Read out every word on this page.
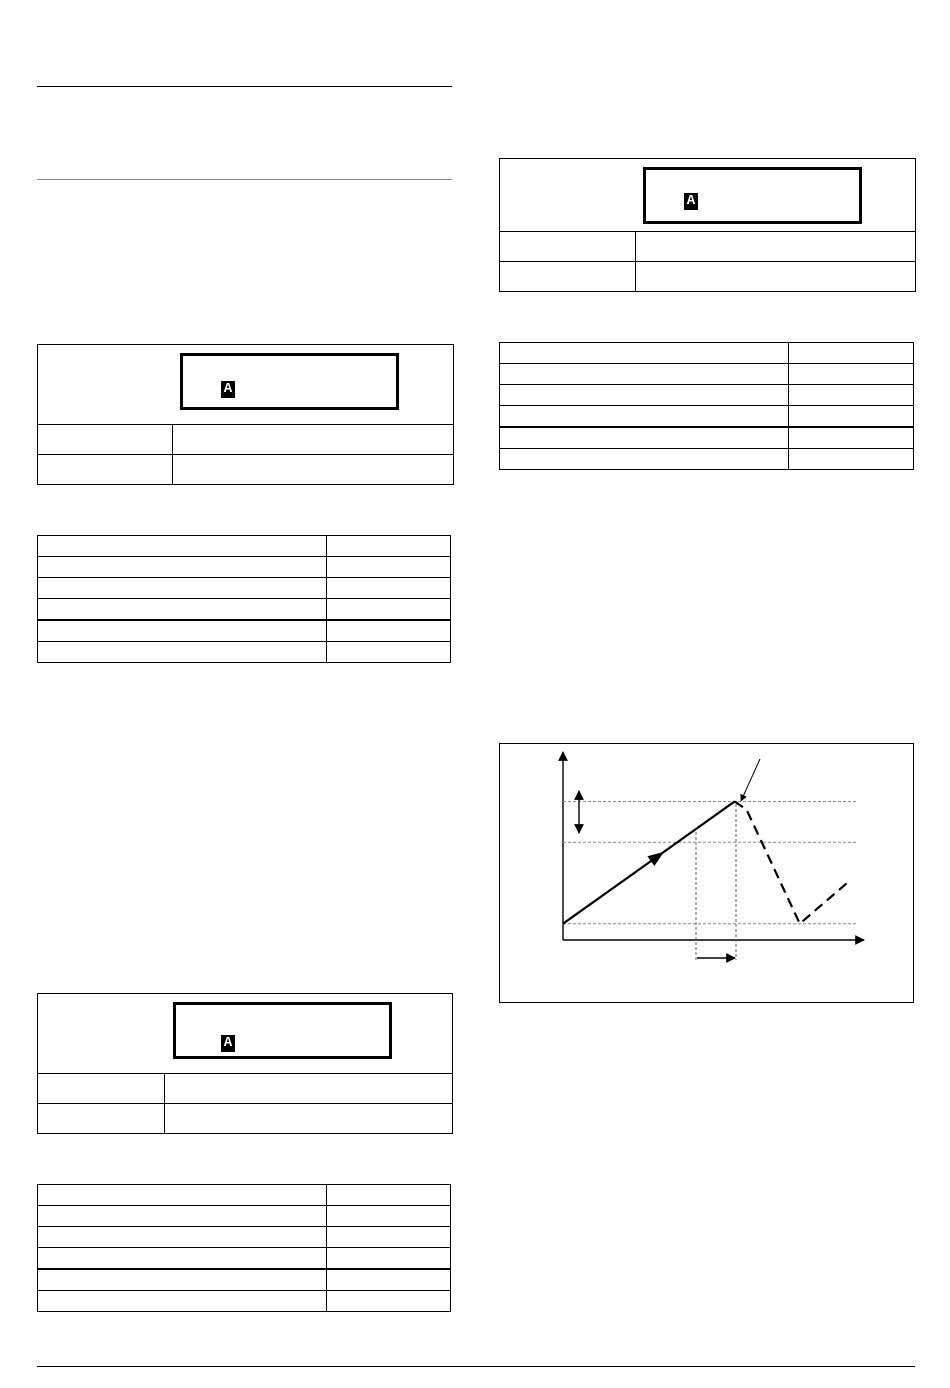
A

A

A
